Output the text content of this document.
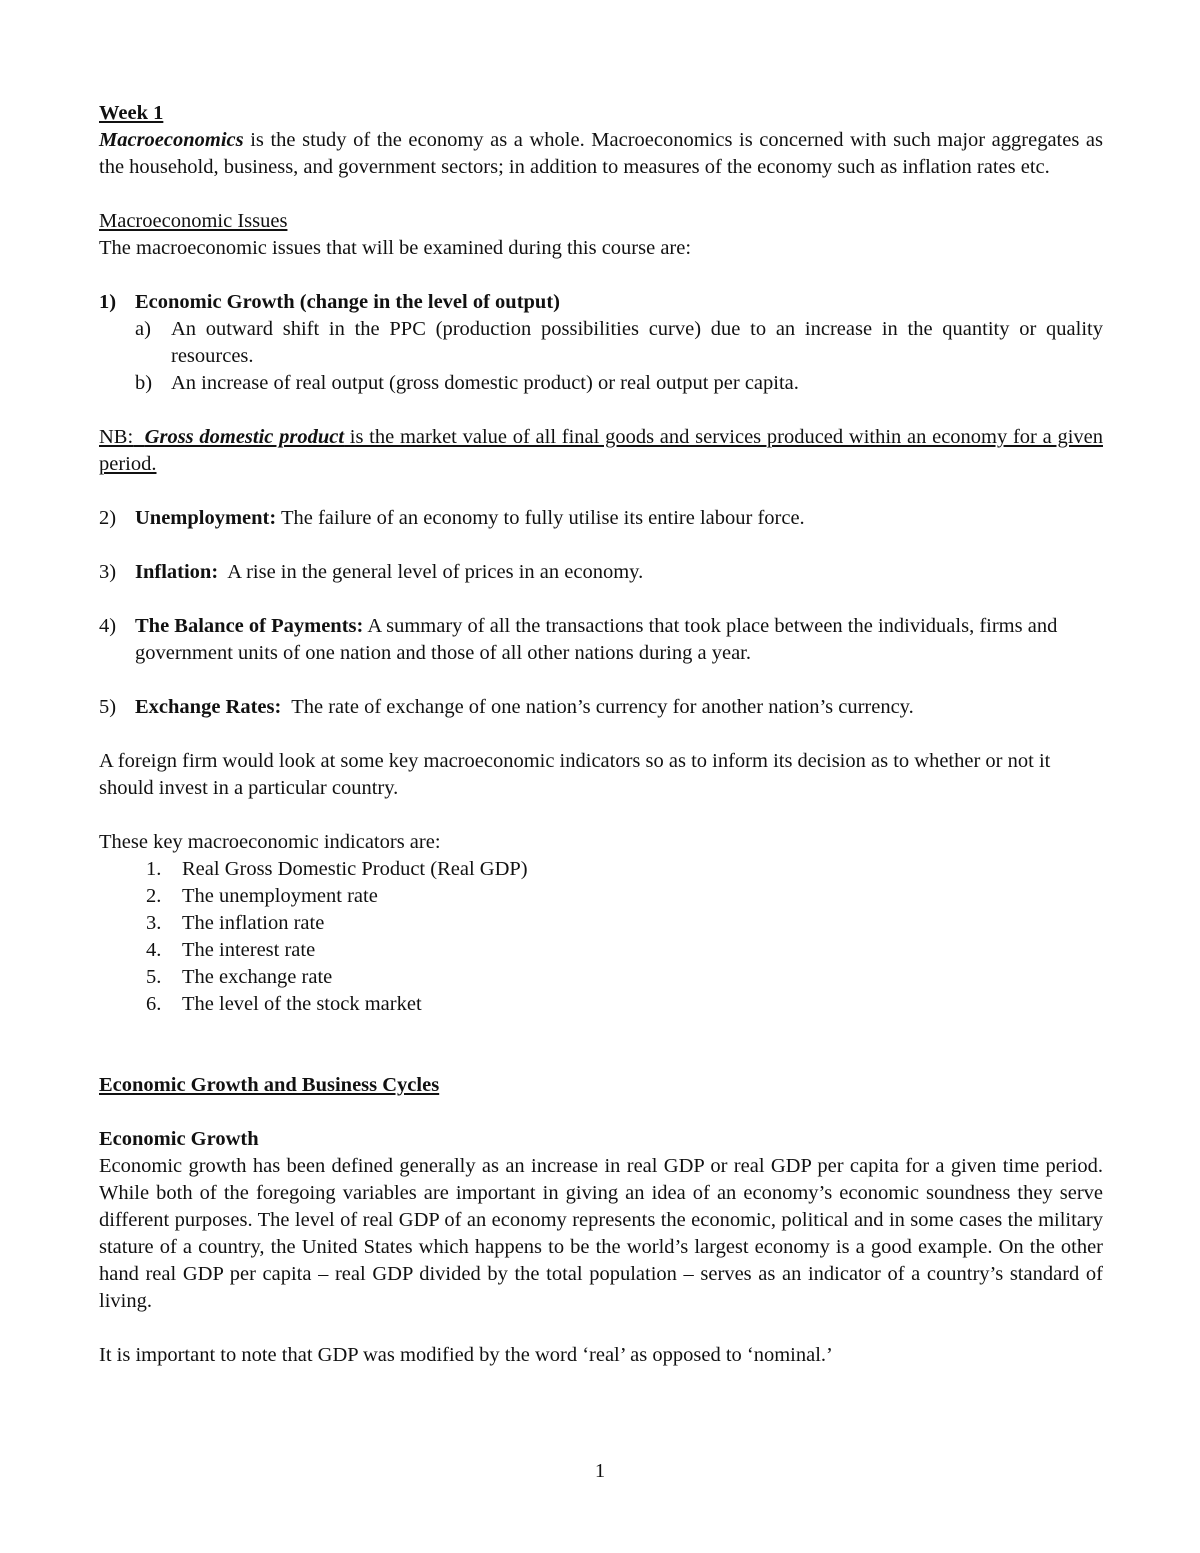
Week 1

Macroeconomics is the study of the economy as a whole. Macroeconomics is concerned with such major aggregates as the household, business, and government sectors; in addition to measures of the economy such as inflation rates etc.

Macroeconomic Issues

The macroeconomic issues that will be examined during this course are:

1) Economic Growth (change in the level of output)
a) An outward shift in the PPC (production possibilities curve) due to an increase in the quantity or quality resources.
b) An increase of real output (gross domestic product) or real output per capita.

NB: Gross domestic product is the market value of all final goods and services produced within an economy for a given period.

2) Unemployment: The failure of an economy to fully utilise its entire labour force.
3) Inflation:  A rise in the general level of prices in an economy.
4) The Balance of Payments: A summary of all the transactions that took place between the individuals, firms and government units of one nation and those of all other nations during a year.
5) Exchange Rates:  The rate of exchange of one nation’s currency for another nation’s currency.

A foreign firm would look at some key macroeconomic indicators so as to inform its decision as to whether or not it should invest in a particular country.

These key macroeconomic indicators are:

1.	Real Gross Domestic Product (Real GDP)
2.	The unemployment rate
3.	The inflation rate
4.	The interest rate
5.	The exchange rate
6.	The level of the stock market

Economic Growth and Business Cycles

Economic Growth

Economic growth has been defined generally as an increase in real GDP or real GDP per capita for a given time period. While both of the foregoing variables are important in giving an idea of an economy’s economic soundness they serve different purposes. The level of real GDP of an economy represents the economic, political and in some cases the military stature of a country, the United States which happens to be the world’s largest economy is a good example. On the other hand real GDP per capita – real GDP divided by the total population – serves as an indicator of a country’s standard of living.

It is important to note that GDP was modified by the word ‘real’ as opposed to ‘nominal.’

1
